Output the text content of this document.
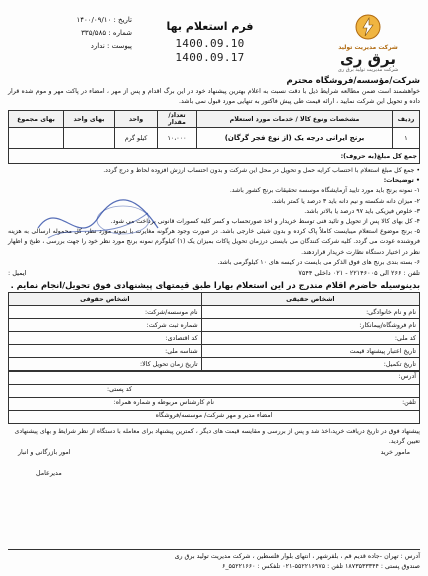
شرکت مدیریت تولید
برق ری
شرکت مدیریت تولید برق ری
فرم استعلام بها
1400.09.10
1400.09.17
تاریخ : ۱۴۰۰/۰۹/۱۰
شماره : ۳۳۵/۵۸۵
پیوست : ندارد
شرکت/مؤسسه/فروشگاه محترم
خواهشمند است ضمن مطالعه شرایط ذیل با دقت نسبت به اعلام بهترین پیشنهاد خود در این برگ اقدام و پس از مهر ، امضاء در پاکت مهر و موم شده قرار داده و تحویل این شرکت نمایید ، ارائه قیمت طی پیش فاکتور به تنهایی مورد قبول نمی باشد.
ردیف	مشخصات ونوع کالا / خدمات مورد استعلام	تعداد/ مقدار	واحد	بهای واحد	بهای مجموع
۱	برنج ایرانی درجه یک (از نوع فجر گرگان)	۱۰،۰۰۰	کیلو گرم		
جمع کل مبلغ(به حروف):					
• جمع کل مبلغ استعلام با احتساب کرایه حمل و تحویل در محل این شرکت و بدون احتساب ارزش افزوده لحاظ و درج گردد.
• توضیحات:
۱- نمونه برنج باید مورد تایید آزمایشگاه موسسه تحقیقات برنج کشور باشد.
۲- میزان دانه شکسته و نیم دانه باید ۳ درصد یا کمتر باشد.
۳- خلوص فیزیکی باید ۹۷ درصد یا بالاتر باشد.
۴- کل بهای کالا پس از تحویل و تائید فنی توسط خریدار و اخذ صورتحساب و کسر کلیه کسورات قانونی پرداخت می شود.
۵- برنج موضوع استعلام میبایست کاملاً پاک کرده و بدون شیئی خارجی باشد. در صورت وجود هرگونه مغایرت با نمونه مورد نظر، کل محموله ارسالی به هزینه فروشنده عودت می گردد. کلیه شرکت کنندگان می بایستی درزمان تحویل پاکات بمیزان یک (۱) کیلوگرم نمونه برنج مورد نظر خود را جهت بررسی ، طبخ و اظهار نظر در اختیار دستگاه نظارت خریدار قراردهند.
۶- بسته بندی برنج های فوق الذکر می بایست در کیسه های ۱۰ کیلوگرمی باشد.
تلفن : ۲۶۶ الی ۲۲۱۴۶۰۰۵ - ۰۲۱ داخلی ۷۵۴۴
ایمیل :
بدینوسیله حاضرم اقلام مندرج در این استعلام بهارا طبق قیمتهای پیشنهادی فوق تحویل/انجام نمایم .
اشخاص حقیقی	اشخاص حقوقی
نام و نام خانوادگی:	نام موسسه/شرکت:
نام فروشگاه/پیمانکار:	شماره ثبت شرکت:
کد ملی:	کد اقتصادی:
تاریخ اعتبار پیشنهاد قیمت	شناسه ملی:
تاریخ تکمیل:	تاریخ زمان تحویل کالا:
آدرس:
کد پستی:
تلفن:
نام کارشناس مربوطه و شماره همراه:
امضاء مدیر و مهر شرکت/ موسسه/فروشگاه
پیشنهاد فوق در تاریخ دریافت خرید،اخذ شد و پس از بررسی و مقایسه قیمت های دیگر ، کمترین پیشنهاد برای معامله با دستگاه از نظر شرایط و بهای پیشنهادی تعیین گردید.
مامور خرید
امور بازرگانی و انبار
مدیرعامل
آدرس : تهران -جاده قدیم قم ، بلفرشهر ، انتهای بلوار فلسطین ، شرکت مدیریت تولید برق ری
صندوق پستی : ۱۸۷۳۵۳۳۳۴۴ تلفن : ۵۵۲۲۱۶۹۷۵-۰۲۱ تلفکس : ۵۵۲۲۱۶۶۰_۶
